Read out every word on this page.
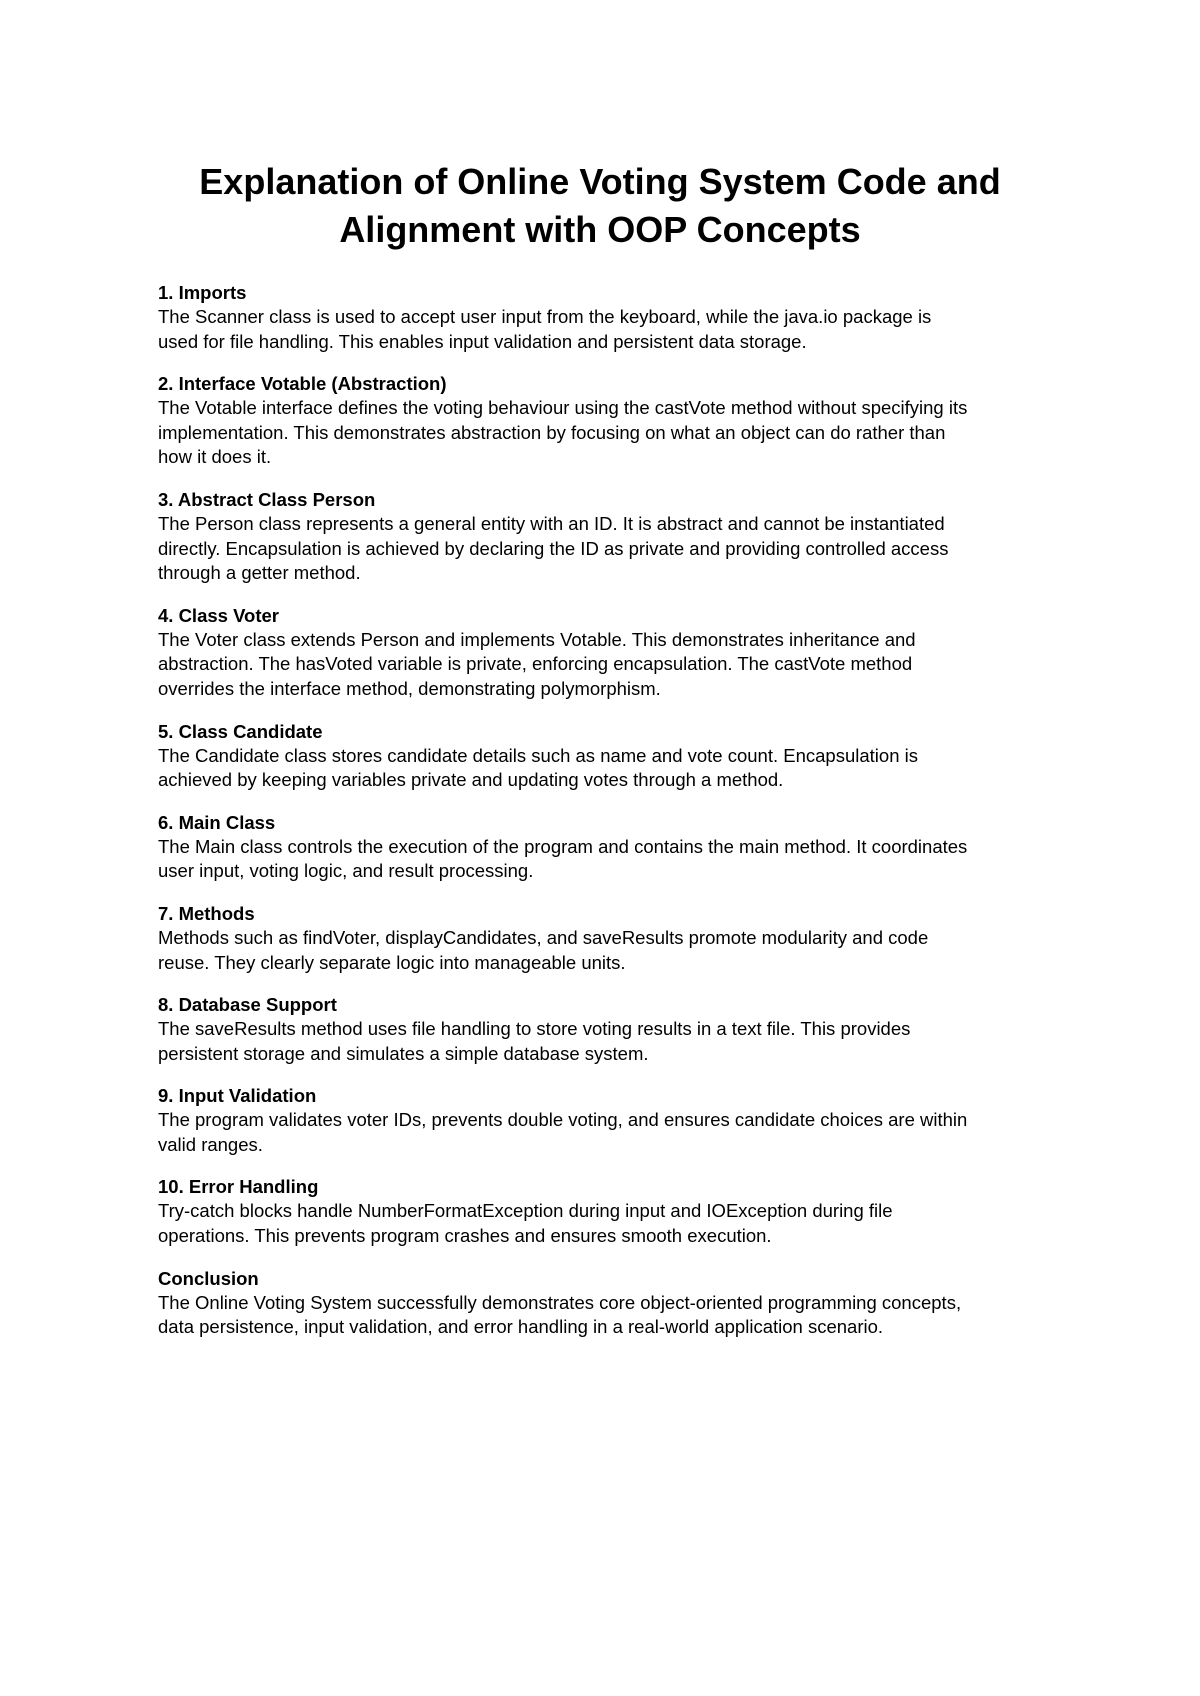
Explanation of Online Voting System Code and
Alignment with OOP Concepts

1. Imports

The Scanner class is used to accept user input from the keyboard, while the java.io package is
used for file handling. This enables input validation and persistent data storage.

2. Interface Votable (Abstraction)

The Votable interface defines the voting behaviour using the castVote method without specifying its
implementation. This demonstrates abstraction by focusing on what an object can do rather than
how it does it.

3. Abstract Class Person

The Person class represents a general entity with an ID. It is abstract and cannot be instantiated
directly. Encapsulation is achieved by declaring the ID as private and providing controlled access
through a getter method.

4. Class Voter

The Voter class extends Person and implements Votable. This demonstrates inheritance and
abstraction. The hasVoted variable is private, enforcing encapsulation. The castVote method
overrides the interface method, demonstrating polymorphism.

5. Class Candidate

The Candidate class stores candidate details such as name and vote count. Encapsulation is
achieved by keeping variables private and updating votes through a method.

6. Main Class

The Main class controls the execution of the program and contains the main method. It coordinates
user input, voting logic, and result processing.

7. Methods

Methods such as findVoter, displayCandidates, and saveResults promote modularity and code
reuse. They clearly separate logic into manageable units.

8. Database Support

The saveResults method uses file handling to store voting results in a text file. This provides
persistent storage and simulates a simple database system.

9. Input Validation

The program validates voter IDs, prevents double voting, and ensures candidate choices are within
valid ranges.

10. Error Handling

Try-catch blocks handle NumberFormatException during input and IOException during file
operations. This prevents program crashes and ensures smooth execution.

Conclusion

The Online Voting System successfully demonstrates core object-oriented programming concepts,
data persistence, input validation, and error handling in a real-world application scenario.
